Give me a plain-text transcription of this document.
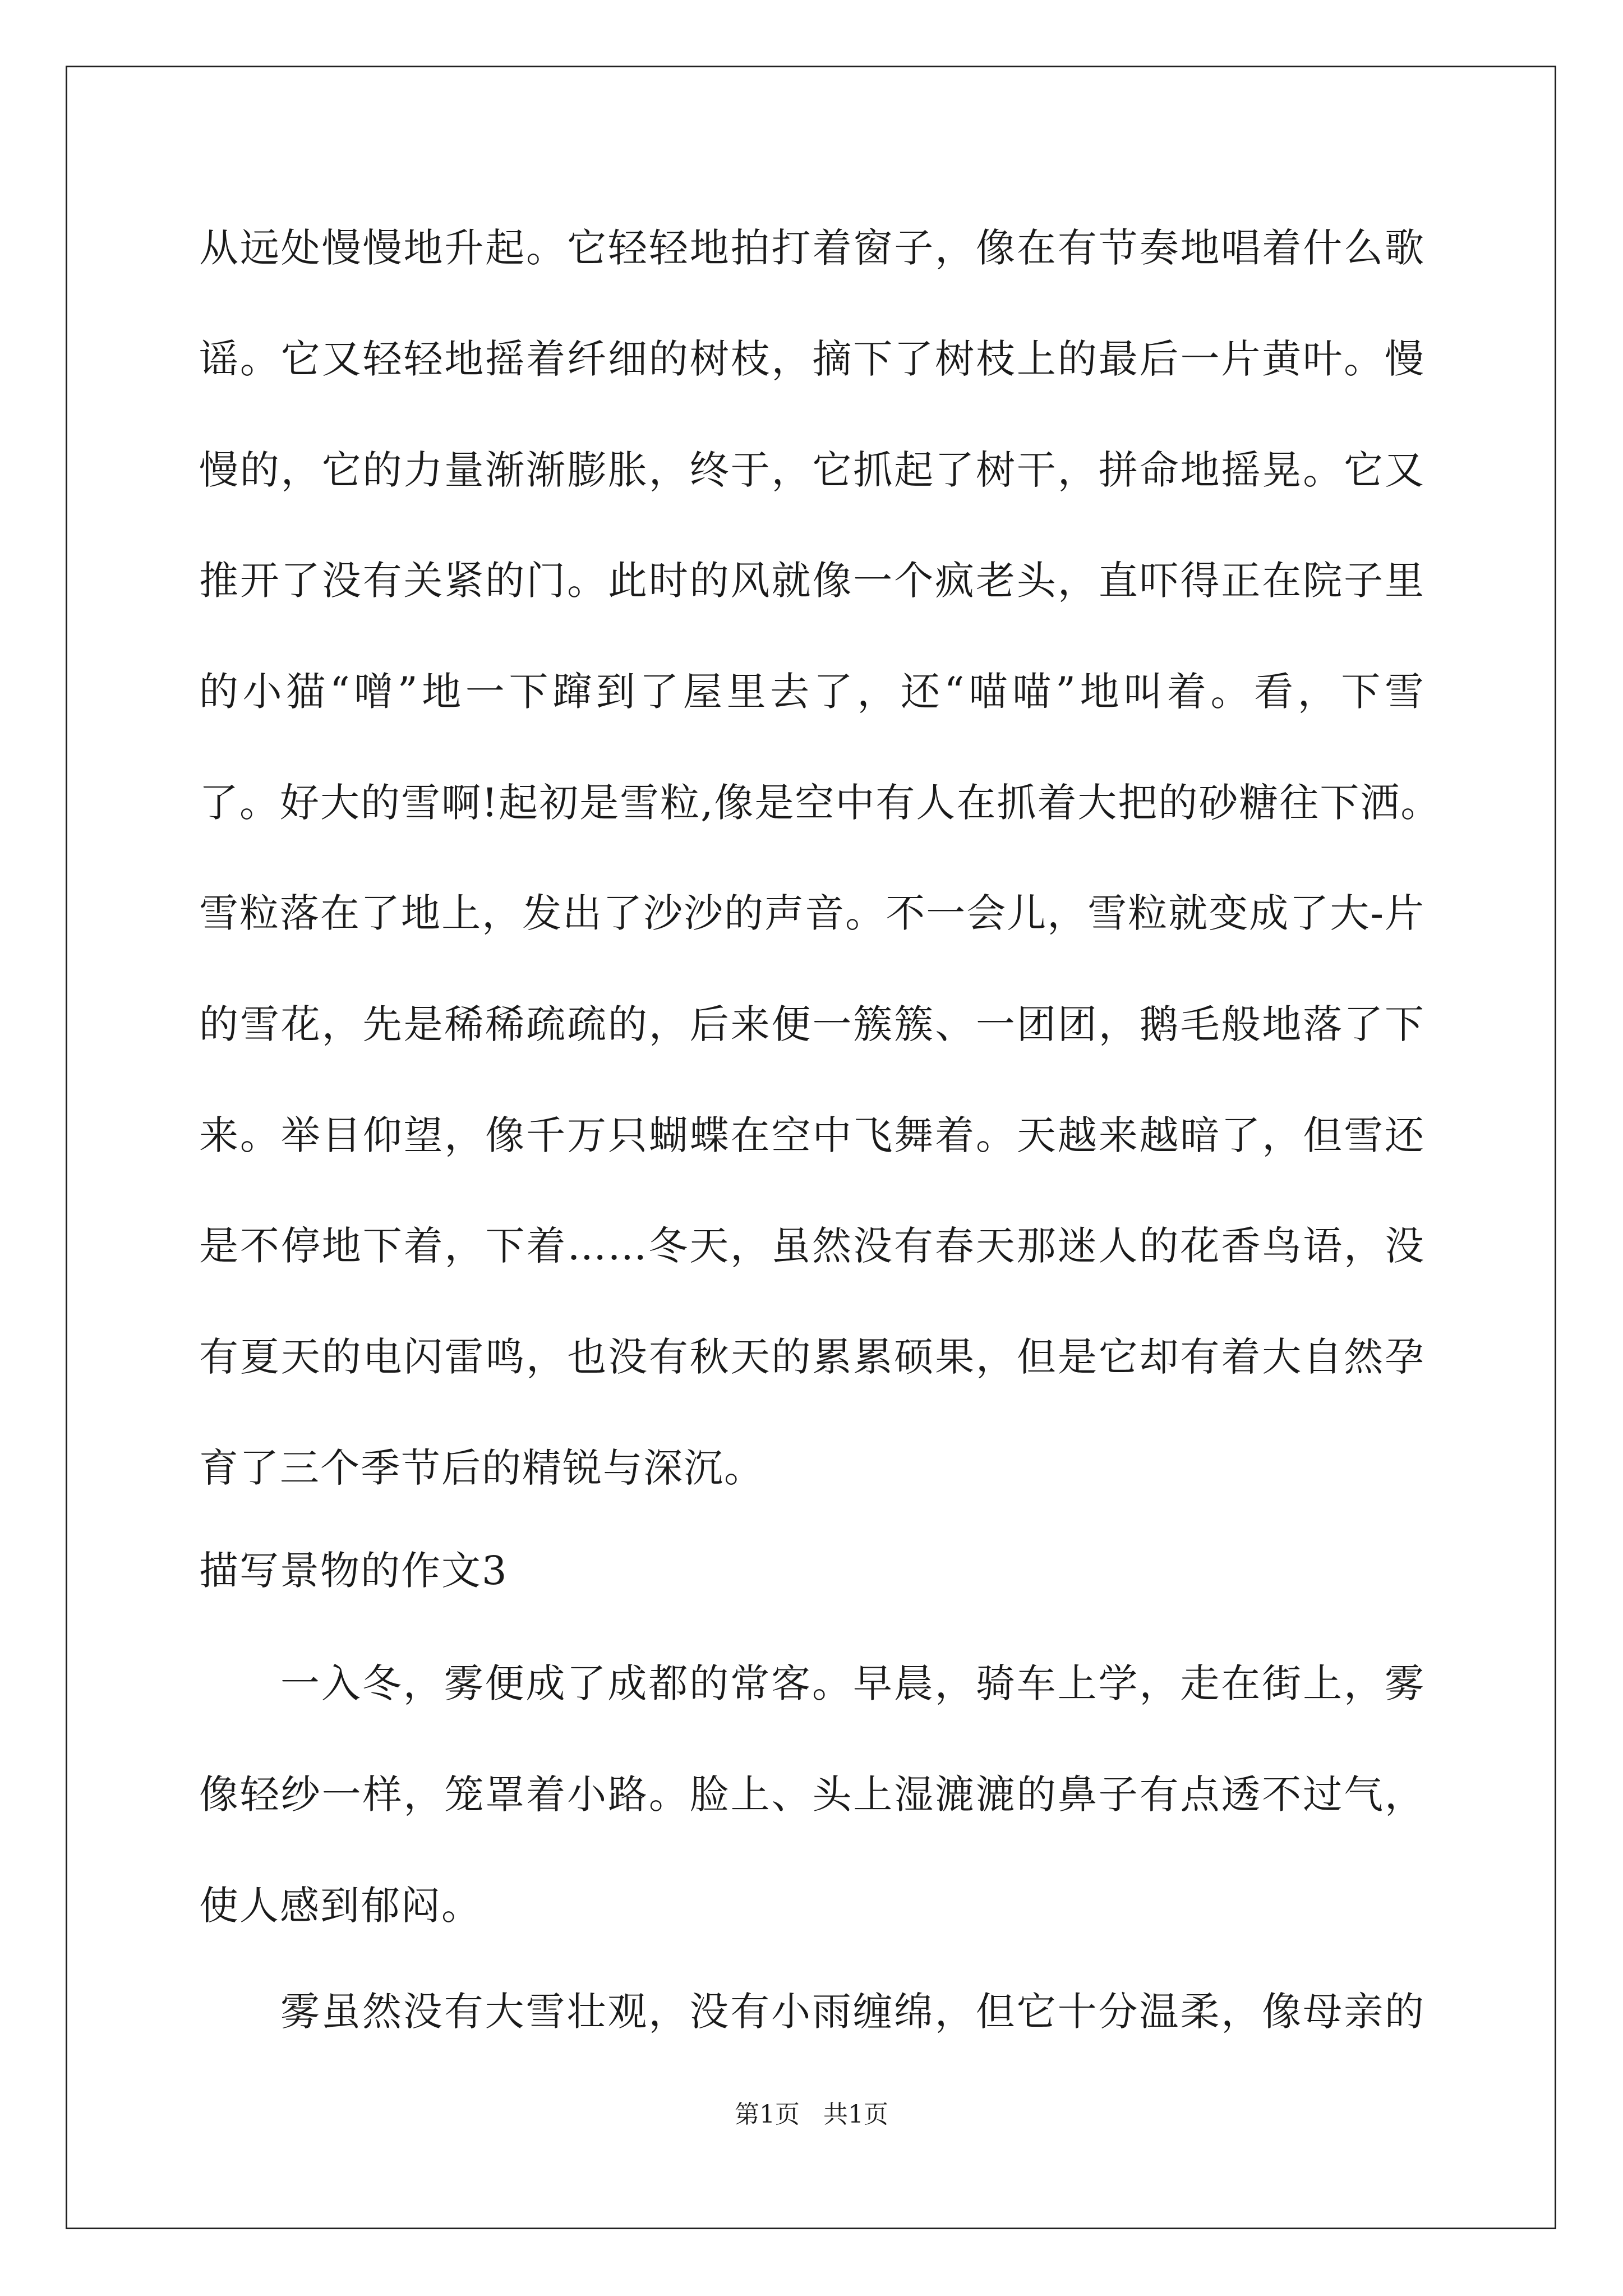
从远处慢慢地升起。它轻轻地拍打着窗子，像在有节奏地唱着什么歌
谣。它又轻轻地摇着纤细的树枝，摘下了树枝上的最后一片黄叶。慢
慢的，它的力量渐渐膨胀，终于，它抓起了树干，拼命地摇晃。它又
推开了没有关紧的门。此时的风就像一个疯老头，直吓得正在院子里
的小猫“噌”地一下蹿到了屋里去了，还“喵喵”地叫着。看，下雪
了。好大的雪啊!起初是雪粒,像是空中有人在抓着大把的砂糖往下洒。
雪粒落在了地上，发出了沙沙的声音。不一会儿，雪粒就变成了大-片
的雪花，先是稀稀疏疏的，后来便一簇簇、一团团，鹅毛般地落了下
来。举目仰望，像千万只蝴蝶在空中飞舞着。天越来越暗了，但雪还
是不停地下着，下着……冬天，虽然没有春天那迷人的花香鸟语，没
有夏天的电闪雷鸣，也没有秋天的累累硕果，但是它却有着大自然孕
育了三个季节后的精锐与深沉。
描写景物的作文3
一入冬，雾便成了成都的常客。早晨，骑车上学，走在街上，雾
像轻纱一样，笼罩着小路。脸上、头上湿漉漉的鼻子有点透不过气，
使人感到郁闷。
雾虽然没有大雪壮观，没有小雨缠绵，但它十分温柔，像母亲的
第1页   共1页
